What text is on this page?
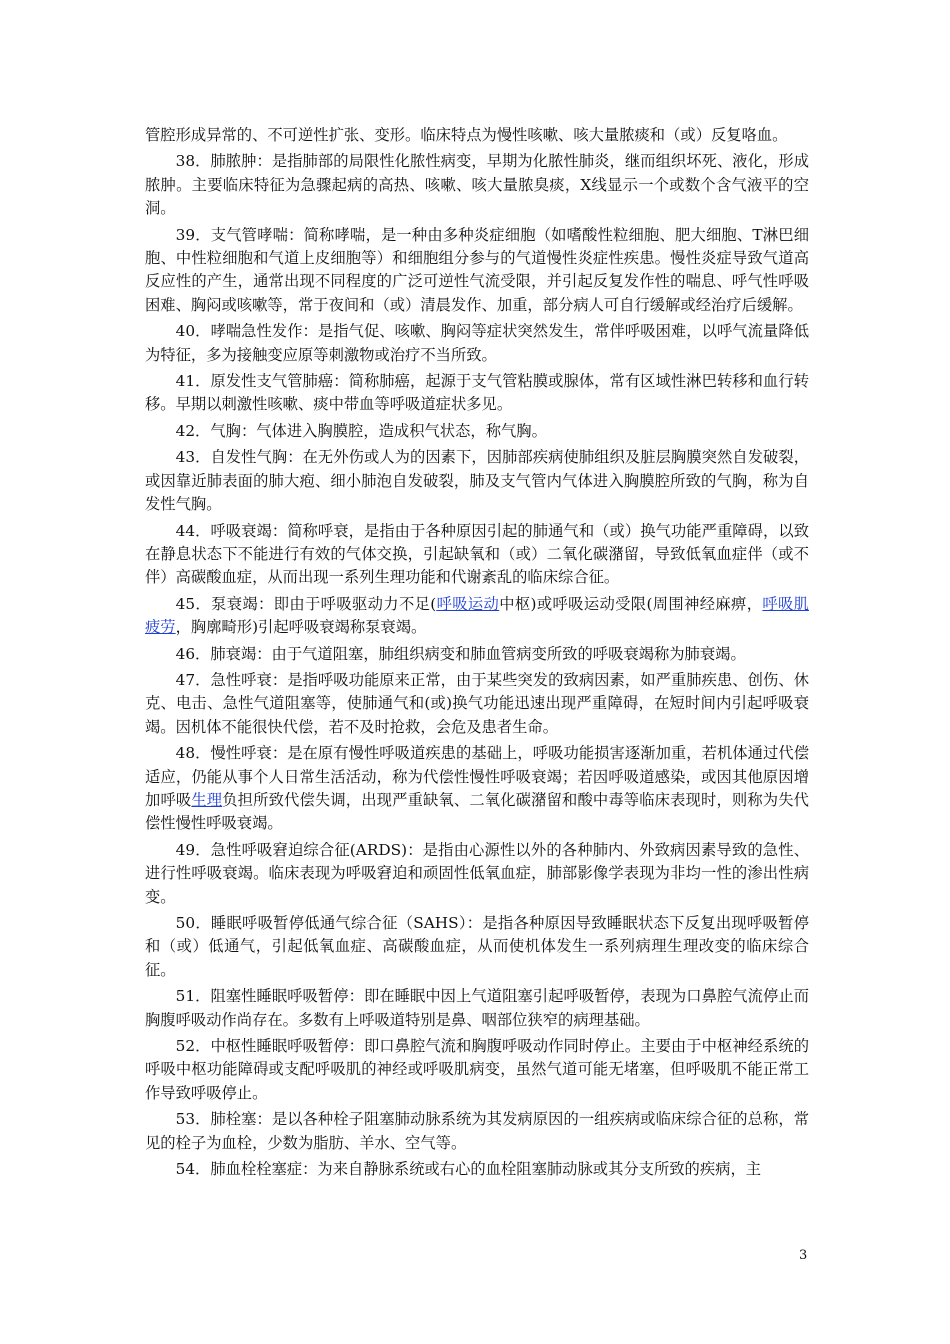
管腔形成异常的、不可逆性扩张、变形。临床特点为慢性咳嗽、咳大量脓痰和（或）反复咯血。

38．肺脓肿：是指肺部的局限性化脓性病变，早期为化脓性肺炎，继而组织坏死、液化，形成脓肿。主要临床特征为急骤起病的高热、咳嗽、咳大量脓臭痰，X线显示一个或数个含气液平的空洞。

39．支气管哮喘：简称哮喘，是一种由多种炎症细胞（如嗜酸性粒细胞、肥大细胞、T淋巴细胞、中性粒细胞和气道上皮细胞等）和细胞组分参与的气道慢性炎症性疾患。慢性炎症导致气道高反应性的产生，通常出现不同程度的广泛可逆性气流受限，并引起反复发作性的喘息、呼气性呼吸困难、胸闷或咳嗽等，常于夜间和（或）清晨发作、加重，部分病人可自行缓解或经治疗后缓解。

40．哮喘急性发作：是指气促、咳嗽、胸闷等症状突然发生，常伴呼吸困难，以呼气流量降低为特征，多为接触变应原等刺激物或治疗不当所致。

41．原发性支气管肺癌：简称肺癌，起源于支气管粘膜或腺体，常有区域性淋巴转移和血行转移。早期以刺激性咳嗽、痰中带血等呼吸道症状多见。

42．气胸：气体进入胸膜腔，造成积气状态，称气胸。

43．自发性气胸：在无外伤或人为的因素下，因肺部疾病使肺组织及脏层胸膜突然自发破裂，或因靠近肺表面的肺大疱、细小肺泡自发破裂，肺及支气管内气体进入胸膜腔所致的气胸，称为自发性气胸。

44．呼吸衰竭：简称呼衰，是指由于各种原因引起的肺通气和（或）换气功能严重障碍，以致在静息状态下不能进行有效的气体交换，引起缺氧和（或）二氧化碳潴留，导致低氧血症伴（或不伴）高碳酸血症，从而出现一系列生理功能和代谢紊乱的临床综合征。

45．泵衰竭：即由于呼吸驱动力不足(呼吸运动中枢)或呼吸运动受限(周围神经麻痹，呼吸肌疲劳，胸廓畸形)引起呼吸衰竭称泵衰竭。

46．肺衰竭：由于气道阻塞，肺组织病变和肺血管病变所致的呼吸衰竭称为肺衰竭。

47．急性呼衰：是指呼吸功能原来正常，由于某些突发的致病因素，如严重肺疾患、创伤、休克、电击、急性气道阻塞等，使肺通气和(或)换气功能迅速出现严重障碍，在短时间内引起呼吸衰竭。因机体不能很快代偿，若不及时抢救，会危及患者生命。

48．慢性呼衰：是在原有慢性呼吸道疾患的基础上，呼吸功能损害逐渐加重，若机体通过代偿适应，仍能从事个人日常生活活动，称为代偿性慢性呼吸衰竭；若因呼吸道感染，或因其他原因增加呼吸生理负担所致代偿失调，出现严重缺氧、二氧化碳潴留和酸中毒等临床表现时，则称为失代偿性慢性呼吸衰竭。

49．急性呼吸窘迫综合征(ARDS)：是指由心源性以外的各种肺内、外致病因素导致的急性、进行性呼吸衰竭。临床表现为呼吸窘迫和顽固性低氧血症，肺部影像学表现为非均一性的渗出性病变。

50．睡眠呼吸暂停低通气综合征（SAHS）：是指各种原因导致睡眠状态下反复出现呼吸暂停和（或）低通气，引起低氧血症、高碳酸血症，从而使机体发生一系列病理生理改变的临床综合征。

51．阻塞性睡眠呼吸暂停：即在睡眠中因上气道阻塞引起呼吸暂停，表现为口鼻腔气流停止而胸腹呼吸动作尚存在。多数有上呼吸道特别是鼻、咽部位狭窄的病理基础。

52．中枢性睡眠呼吸暂停：即口鼻腔气流和胸腹呼吸动作同时停止。主要由于中枢神经系统的呼吸中枢功能障碍或支配呼吸肌的神经或呼吸肌病变，虽然气道可能无堵塞，但呼吸肌不能正常工作导致呼吸停止。

53．肺栓塞：是以各种栓子阻塞肺动脉系统为其发病原因的一组疾病或临床综合征的总称，常见的栓子为血栓，少数为脂肪、羊水、空气等。

54．肺血栓栓塞症：为来自静脉系统或右心的血栓阻塞肺动脉或其分支所致的疾病，主

3
